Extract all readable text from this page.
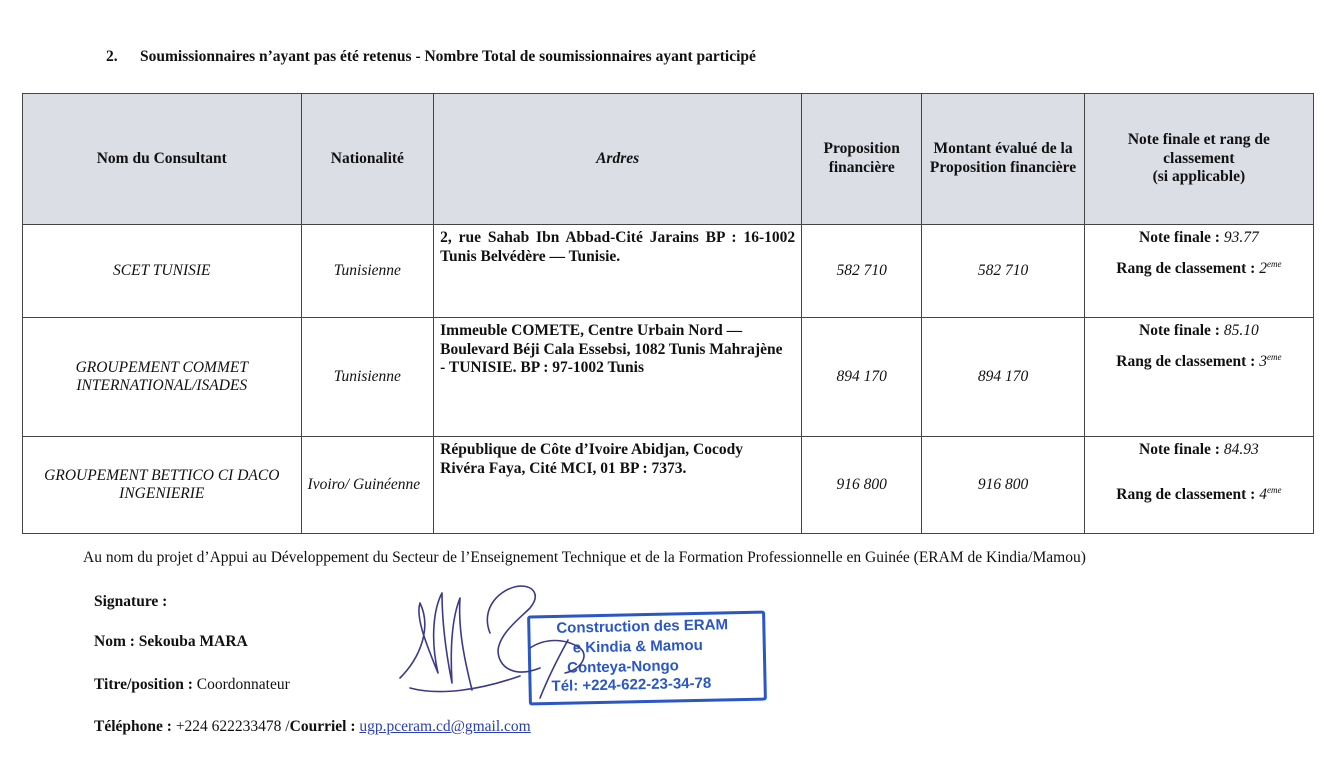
2. Soumissionnaires n’ayant pas été retenus - Nombre Total de soumissionnaires ayant participé
Nom du Consultant	Nationalité	Ardres	Proposition financière	Montant évalué de la Proposition financière	Note finale et rang de classement
(si applicable)
SCET TUNISIE	Tunisienne	2, rue Sahab Ibn Abbad-Cité Jarains BP : 16-1002 Tunis Belvédère — Tunisie.	582 710	582 710	Note finale : 93.77
Rang de classement : 2eme

GROUPEMENT COMMET INTERNATIONAL/ISADES	Tunisienne	Immeuble COMETE, Centre Urbain Nord —
Boulevard Béji Cala Essebsi, 1082 Tunis Mahrajène
- TUNISIE. BP : 97-1002 Tunis	894 170	894 170	Note finale : 85.10
Rang de classement : 3eme

GROUPEMENT BETTICO CI DACO INGENIERIE	Ivoiro/ Guinéenne	République de Côte d’Ivoire Abidjan, Cocody
Rivéra Faya, Cité MCI, 01 BP : 7373.	916 800	916 800	Note finale : 84.93
Rang de classement : 4eme
Au nom du projet d’Appui au Développement du Secteur de l’Enseignement Technique et de la Formation Professionnelle en Guinée (ERAM de Kindia/Mamou)
Signature :
Nom : Sekouba MARA
Titre/position : Coordonnateur
Téléphone : +224 622233478 /Courriel : ugp.pceram.cd@gmail.com
Construction des ERAM
e Kindia & Mamou
Conteya-Nongo
Tél: +224-622-23-34-78
